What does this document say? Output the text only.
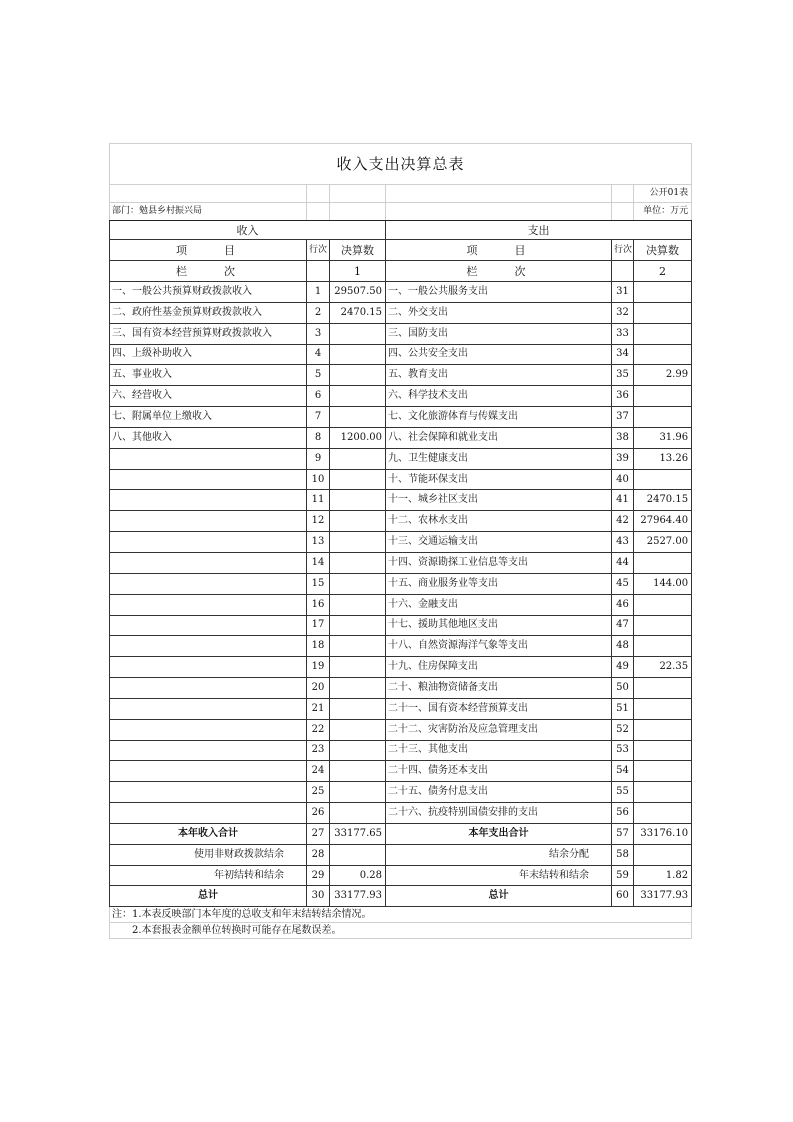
收入支出决算总表					
					公开01表
部门：勉县乡村振兴局					单位：万元
收入			支出		
项　　目	行次	决算数	项　　目	行次	决算数
栏　　次		1	栏　　次		2
一、一般公共预算财政拨款收入	1	29507.50	一、一般公共服务支出	31	
二、政府性基金预算财政拨款收入	2	2470.15	二、外交支出	32	
三、国有资本经营预算财政拨款收入	3		三、国防支出	33	
四、上级补助收入	4		四、公共安全支出	34	
五、事业收入	5		五、教育支出	35	2.99
六、经营收入	6		六、科学技术支出	36	
七、附属单位上缴收入	7		七、文化旅游体育与传媒支出	37	
八、其他收入	8	1200.00	八、社会保障和就业支出	38	31.96
	9		九、卫生健康支出	39	13.26
	10		十、节能环保支出	40	
	11		十一、城乡社区支出	41	2470.15
	12		十二、农林水支出	42	27964.40
	13		十三、交通运输支出	43	2527.00
	14		十四、资源勘探工业信息等支出	44	
	15		十五、商业服务业等支出	45	144.00
	16		十六、金融支出	46	
	17		十七、援助其他地区支出	47	
	18		十八、自然资源海洋气象等支出	48	
	19		十九、住房保障支出	49	22.35
	20		二十、粮油物资储备支出	50	
	21		二十一、国有资本经营预算支出	51	
	22		二十二、灾害防治及应急管理支出	52	
	23		二十三、其他支出	53	
	24		二十四、债务还本支出	54	
	25		二十五、债务付息支出	55	
	26		二十六、抗疫特别国债安排的支出	56	
本年收入合计	27	33177.65	本年支出合计	57	33176.10
使用非财政拨款结余	28		结余分配	58	
年初结转和结余	29	0.28	年末结转和结余	59	1.82
总计	30	33177.93	总计	60	33177.93
注：1.本表反映部门本年度的总收支和年末结转结余情况。					
　　2.本套报表金额单位转换时可能存在尾数误差。					
